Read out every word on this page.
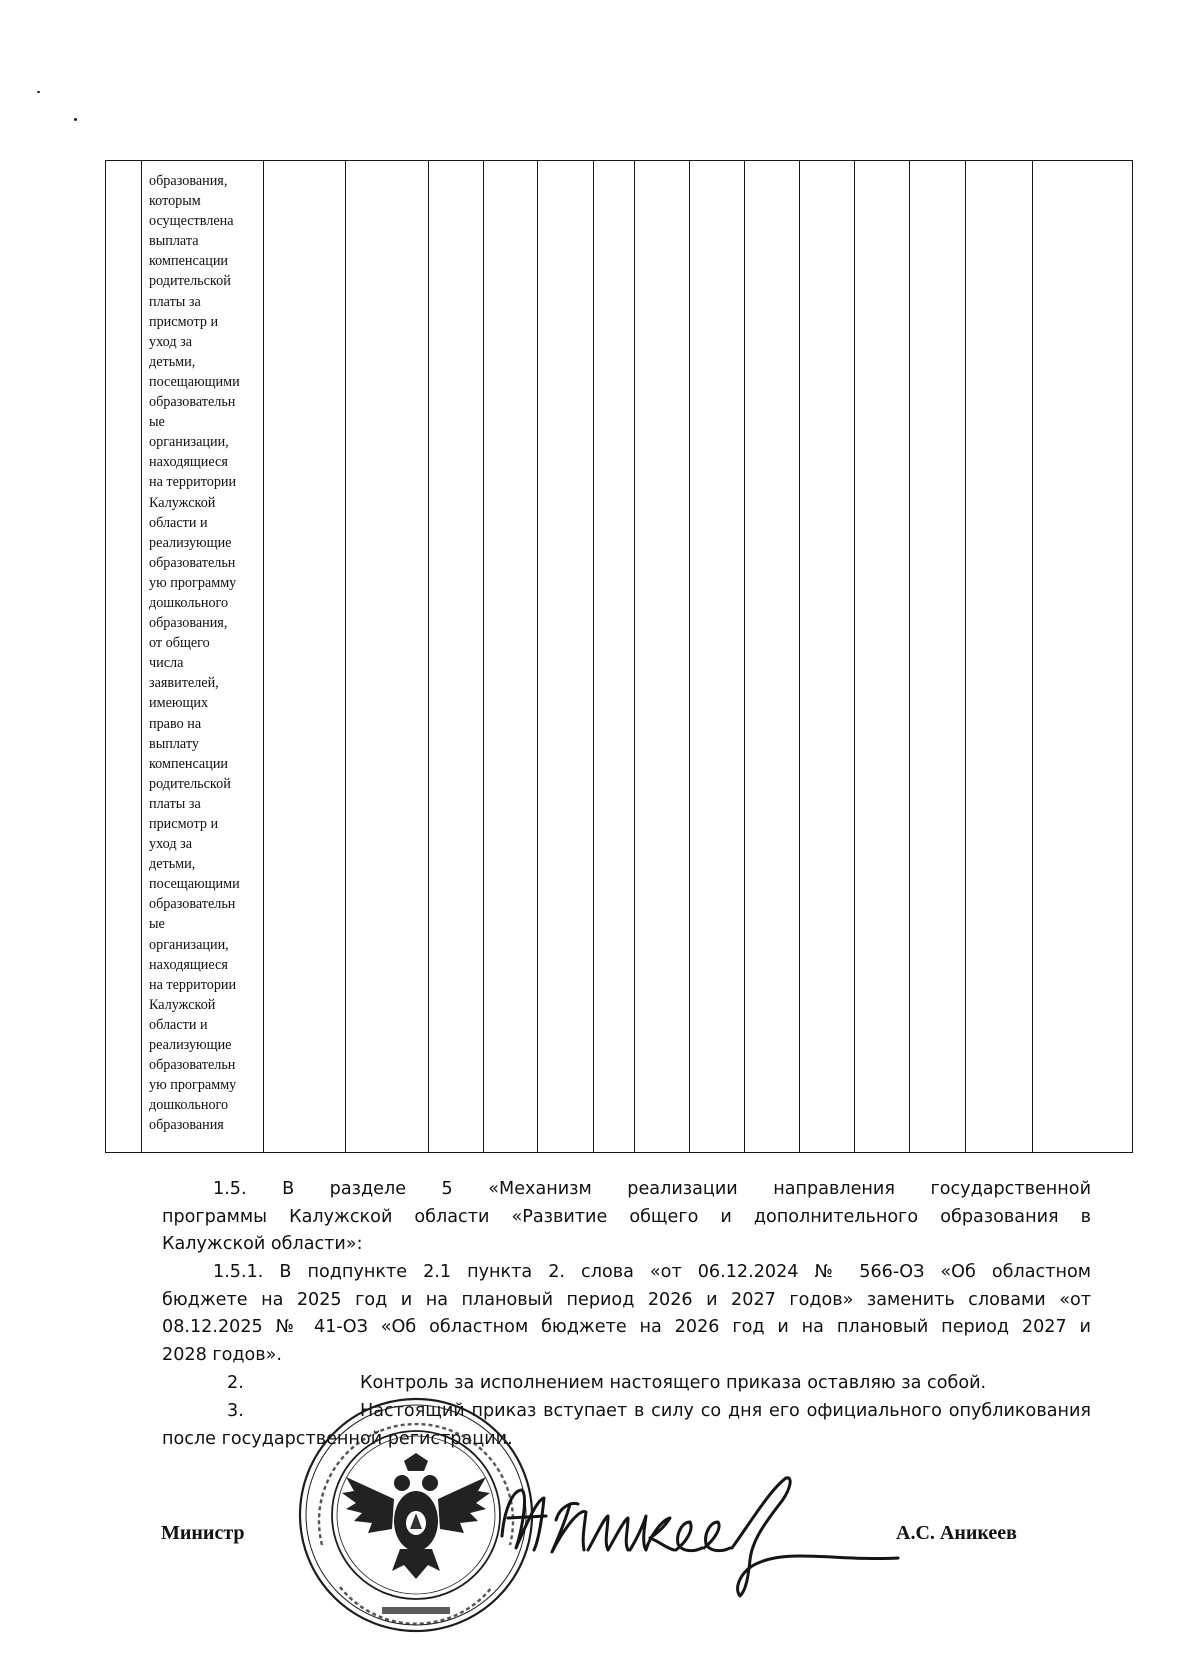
	образования,
которым
осуществлена
выплата
компенсации
родительской
платы за
присмотр и
уход за
детьми,
посещающими
образовательн
ые
организации,
находящиеся
на территории
Калужской
области и
реализующие
образовательн
ую программу
дошкольного
образования,
от общего
числа
заявителей,
имеющих
право на
выплату
компенсации
родительской
платы за
присмотр и
уход за
детьми,
посещающими
образовательн
ые
организации,
находящиеся
на территории
Калужской
области и
реализующие
образовательн
ую программу
дошкольного
образования														
1.5. В разделе 5 «Механизм реализации направления государственной
программы Калужской области «Развитие общего и дополнительного образования в
Калужской области»:
1.5.1. В подпункте 2.1 пункта 2. слова «от 06.12.2024 № 566-ОЗ «Об областном
бюджете на 2025 год и на плановый период 2026 и 2027 годов» заменить словами «от
08.12.2025 № 41-ОЗ «Об областном бюджете на 2026 год и на плановый период 2027 и
2028 годов».
2.	Контроль за исполнением настоящего приказа оставляю за собой.
3.	Настоящий приказ вступает в силу со дня его официального опубликования
после государственной регистрации.
Министр	А.С. Аникеев
